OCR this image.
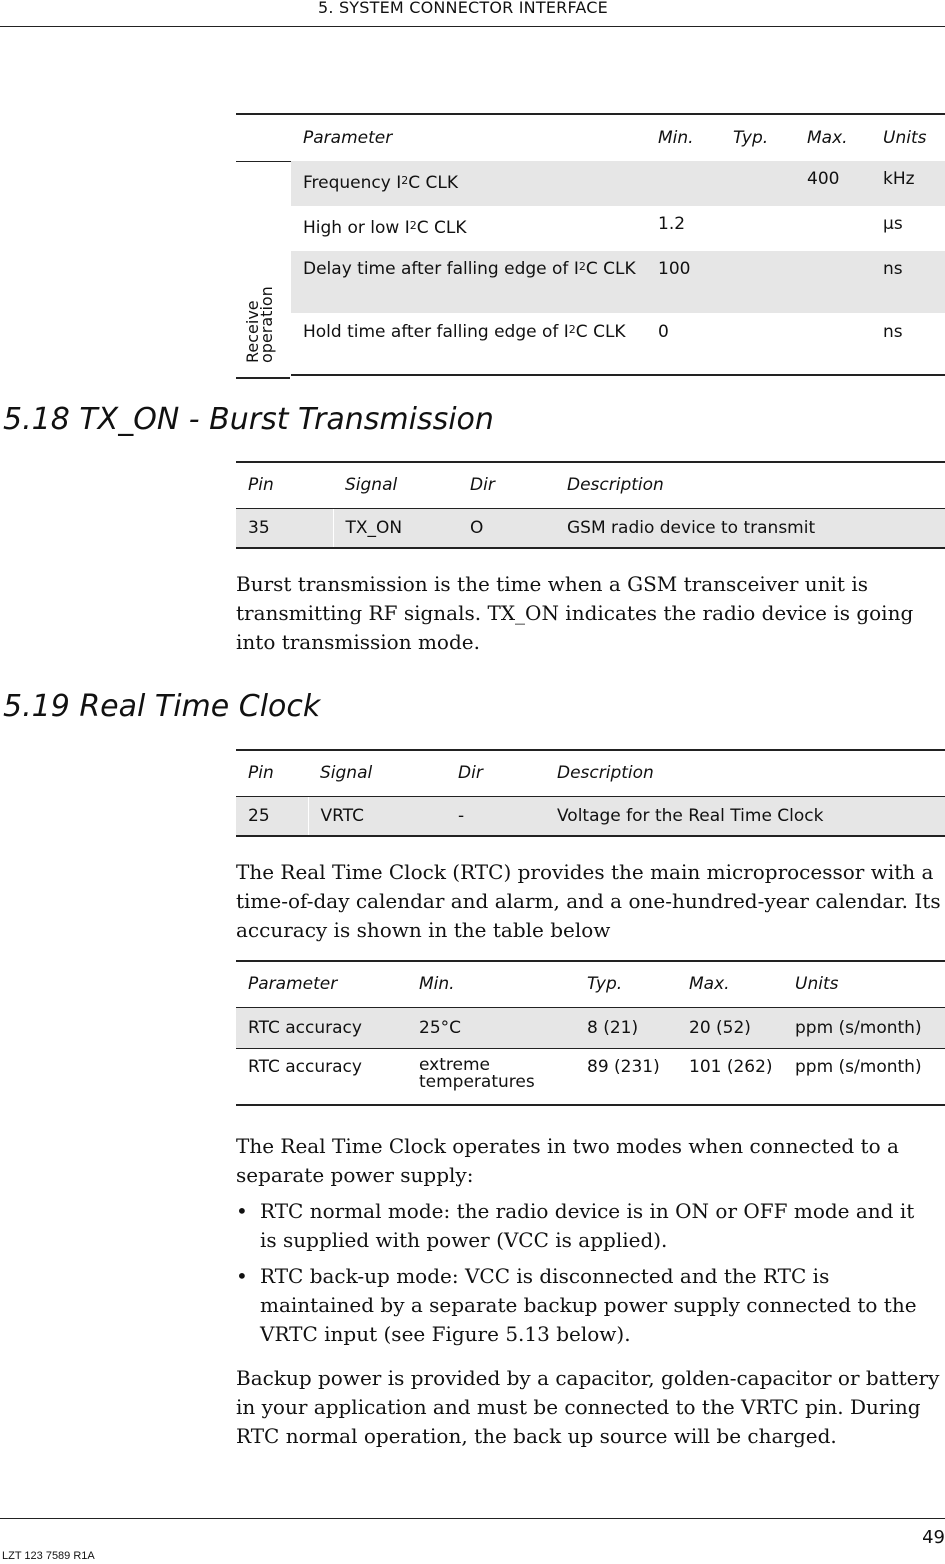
5. SYSTEM CONNECTOR INTERFACE
Receive
operation
Parameter	Min.	Typ.	Max.	Units
Frequency $I^2C$ CLK			400	kHz
High or low $I^2C$ CLK	1.2			µs
Delay time after falling edge of $I^2C$ CLK	100			ns
Hold time after falling edge of $I^2C$ CLK	0			ns
5.18 TX_ON - Burst Transmission
Pin	Signal	Dir	Description
35	TX_ON	O	GSM radio device to transmit

Burst transmission is the time when a GSM transceiver unit is transmitting RF signals. TX_ON indicates the radio device is going into transmission mode.

5.19 Real Time Clock
Pin	Signal	Dir	Description
25	VRTC	-	Voltage for the Real Time Clock

The Real Time Clock (RTC) provides the main microprocessor with a time-of-day calendar and alarm, and a one-hundred-year calendar. Its accuracy is shown in the table below

Parameter	Min.	Typ.	Max.	Units
RTC accuracy	25°C	8 (21)	20 (52)	ppm (s/month)
RTC accuracy	extreme temperatures	89 (231)	101 (262)	ppm (s/month)

The Real Time Clock operates in two modes when connected to a separate power supply:

• RTC normal mode: the radio device is in ON or OFF mode and it is supplied with power (VCC is applied).
• RTC back-up mode: VCC is disconnected and the RTC is maintained by a separate backup power supply connected to the VRTC input (see Figure 5.13 below).

Backup power is provided by a capacitor, golden-capacitor or battery in your application and must be connected to the VRTC pin. During RTC normal operation, the back up source will be charged.

49
LZT 123 7589 R1A
